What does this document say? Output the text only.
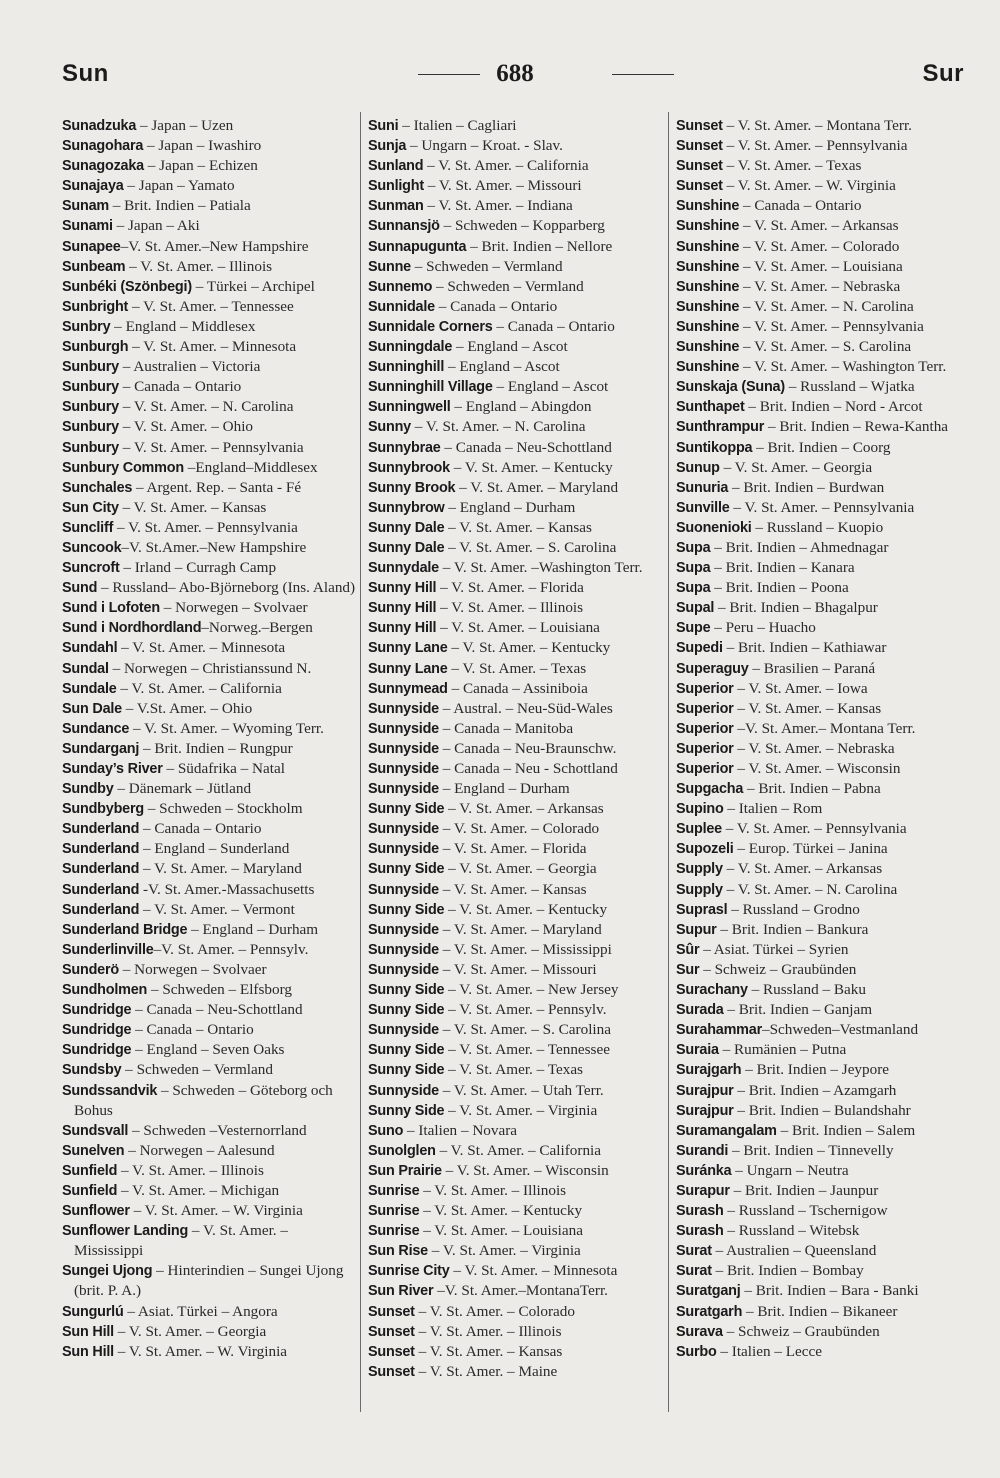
Sun	688	Sur
Sunadzuka – Japan – Uzen
Sunagohara – Japan – Iwashiro
Sunagozaka – Japan – Echizen
Sunajaya – Japan – Yamato
Sunam – Brit. Indien – Patiala
Sunami – Japan – Aki
Sunapee–V. St. Amer.–New Hampshire
Sunbeam – V. St. Amer. – Illinois
Sunbéki (Szönbegi) – Türkei – Archipel
Sunbright – V. St. Amer. – Tennessee
Sunbry – England – Middlesex
Sunburgh – V. St. Amer. – Minnesota
Sunbury – Australien – Victoria
Sunbury – Canada – Ontario
Sunbury – V. St. Amer. – N. Carolina
Sunbury – V. St. Amer. – Ohio
Sunbury – V. St. Amer. – Pennsylvania
Sunbury Common –England–Middlesex
Sunchales – Argent. Rep. – Santa - Fé
Sun City – V. St. Amer. – Kansas
Suncliff – V. St. Amer. – Pennsylvania
Suncook–V. St.Amer.–New Hampshire
Suncroft – Irland – Curragh Camp
Sund – Russland– Abo-Björneborg (Ins. Aland)
Sund i Lofoten – Norwegen – Svolvaer
Sund i Nordhordland–Norweg.–Bergen
Sundahl – V. St. Amer. – Minnesota
Sundal – Norwegen – Christianssund N.
Sundale – V. St. Amer. – California
Sun Dale – V.St. Amer. – Ohio
Sundance – V. St. Amer. – Wyoming Terr.
Sundarganj – Brit. Indien – Rungpur
Sunday’s River – Südafrika – Natal
Sundby – Dänemark – Jütland
Sundbyberg – Schweden – Stockholm
Sunderland – Canada – Ontario
Sunderland – England – Sunderland
Sunderland – V. St. Amer. – Maryland
Sunderland -V. St. Amer.-Massachusetts
Sunderland – V. St. Amer. – Vermont
Sunderland Bridge – England – Durham
Sunderlinville–V. St. Amer. – Pennsylv.
Sunderö – Norwegen – Svolvaer
Sundholmen – Schweden – Elfsborg
Sundridge – Canada – Neu-Schottland
Sundridge – Canada – Ontario
Sundridge – England – Seven Oaks
Sundsby – Schweden – Vermland
Sundssandvik – Schweden – Göteborg och Bohus
Sundsvall – Schweden –Vesternorrland
Sunelven – Norwegen – Aalesund
Sunfield – V. St. Amer. – Illinois
Sunfield – V. St. Amer. – Michigan
Sunflower – V. St. Amer. – W. Virginia
Sunflower Landing – V. St. Amer. – Mississippi
Sungei Ujong – Hinterindien – Sungei Ujong (brit. P. A.)
Sungurlú – Asiat. Türkei – Angora
Sun Hill – V. St. Amer. – Georgia
Sun Hill – V. St. Amer. – W. Virginia
Suni – Italien – Cagliari
Sunja – Ungarn – Kroat. - Slav.
Sunland – V. St. Amer. – California
Sunlight – V. St. Amer. – Missouri
Sunman – V. St. Amer. – Indiana
Sunnansjö – Schweden – Kopparberg
Sunnapugunta – Brit. Indien – Nellore
Sunne – Schweden – Vermland
Sunnemo – Schweden – Vermland
Sunnidale – Canada – Ontario
Sunnidale Corners – Canada – Ontario
Sunningdale – England – Ascot
Sunninghill – England – Ascot
Sunninghill Village – England – Ascot
Sunningwell – England – Abingdon
Sunny – V. St. Amer. – N. Carolina
Sunnybrae – Canada – Neu-Schottland
Sunnybrook – V. St. Amer. – Kentucky
Sunny Brook – V. St. Amer. – Maryland
Sunnybrow – England – Durham
Sunny Dale – V. St. Amer. – Kansas
Sunny Dale – V. St. Amer. – S. Carolina
Sunnydale – V. St. Amer. –Washington Terr.
Sunny Hill – V. St. Amer. – Florida
Sunny Hill – V. St. Amer. – Illinois
Sunny Hill – V. St. Amer. – Louisiana
Sunny Lane – V. St. Amer. – Kentucky
Sunny Lane – V. St. Amer. – Texas
Sunnymead – Canada – Assiniboia
Sunnyside – Austral. – Neu-Süd-Wales
Sunnyside – Canada – Manitoba
Sunnyside – Canada – Neu-Braunschw.
Sunnyside – Canada – Neu - Schottland
Sunnyside – England – Durham
Sunny Side – V. St. Amer. – Arkansas
Sunnyside – V. St. Amer. – Colorado
Sunnyside – V. St. Amer. – Florida
Sunny Side – V. St. Amer. – Georgia
Sunnyside – V. St. Amer. – Kansas
Sunny Side – V. St. Amer. – Kentucky
Sunnyside – V. St. Amer. – Maryland
Sunnyside – V. St. Amer. – Mississippi
Sunnyside – V. St. Amer. – Missouri
Sunny Side – V. St. Amer. – New Jersey
Sunny Side – V. St. Amer. – Pennsylv.
Sunnyside – V. St. Amer. – S. Carolina
Sunny Side – V. St. Amer. – Tennessee
Sunny Side – V. St. Amer. – Texas
Sunnyside – V. St. Amer. – Utah Terr.
Sunny Side – V. St. Amer. – Virginia
Suno – Italien – Novara
Sunolglen – V. St. Amer. – California
Sun Prairie – V. St. Amer. – Wisconsin
Sunrise – V. St. Amer. – Illinois
Sunrise – V. St. Amer. – Kentucky
Sunrise – V. St. Amer. – Louisiana
Sun Rise – V. St. Amer. – Virginia
Sunrise City – V. St. Amer. – Minnesota
Sun River –V. St. Amer.–MontanaTerr.
Sunset – V. St. Amer. – Colorado
Sunset – V. St. Amer. – Illinois
Sunset – V. St. Amer. – Kansas
Sunset – V. St. Amer. – Maine
Sunset – V. St. Amer. – Montana Terr.
Sunset – V. St. Amer. – Pennsylvania
Sunset – V. St. Amer. – Texas
Sunset – V. St. Amer. – W. Virginia
Sunshine – Canada – Ontario
Sunshine – V. St. Amer. – Arkansas
Sunshine – V. St. Amer. – Colorado
Sunshine – V. St. Amer. – Louisiana
Sunshine – V. St. Amer. – Nebraska
Sunshine – V. St. Amer. – N. Carolina
Sunshine – V. St. Amer. – Pennsylvania
Sunshine – V. St. Amer. – S. Carolina
Sunshine – V. St. Amer. – Washington Terr.
Sunskaja (Suna) – Russland – Wjatka
Sunthapet – Brit. Indien – Nord - Arcot
Sunthrampur – Brit. Indien – Rewa-Kantha
Suntikoppa – Brit. Indien – Coorg
Sunup – V. St. Amer. – Georgia
Sunuria – Brit. Indien – Burdwan
Sunville – V. St. Amer. – Pennsylvania
Suonenioki – Russland – Kuopio
Supa – Brit. Indien – Ahmednagar
Supa – Brit. Indien – Kanara
Supa – Brit. Indien – Poona
Supal – Brit. Indien – Bhagalpur
Supe – Peru – Huacho
Supedi – Brit. Indien – Kathiawar
Superaguy – Brasilien – Paraná
Superior – V. St. Amer. – Iowa
Superior – V. St. Amer. – Kansas
Superior –V. St. Amer.– Montana Terr.
Superior – V. St. Amer. – Nebraska
Superior – V. St. Amer. – Wisconsin
Supgacha – Brit. Indien – Pabna
Supino – Italien – Rom
Suplee – V. St. Amer. – Pennsylvania
Supozeli – Europ. Türkei – Janina
Supply – V. St. Amer. – Arkansas
Supply – V. St. Amer. – N. Carolina
Suprasl – Russland – Grodno
Supur – Brit. Indien – Bankura
Sûr – Asiat. Türkei – Syrien
Sur – Schweiz – Graubünden
Surachany – Russland – Baku
Surada – Brit. Indien – Ganjam
Surahammar–Schweden–Vestmanland
Suraia – Rumänien – Putna
Surajgarh – Brit. Indien – Jeypore
Surajpur – Brit. Indien – Azamgarh
Surajpur – Brit. Indien – Bulandshahr
Suramangalam – Brit. Indien – Salem
Surandi – Brit. Indien – Tinnevelly
Suránka – Ungarn – Neutra
Surapur – Brit. Indien – Jaunpur
Surash – Russland – Tschernigow
Surash – Russland – Witebsk
Surat – Australien – Queensland
Surat – Brit. Indien – Bombay
Suratganj – Brit. Indien – Bara - Banki
Suratgarh – Brit. Indien – Bikaneer
Surava – Schweiz – Graubünden
Surbo – Italien – Lecce
